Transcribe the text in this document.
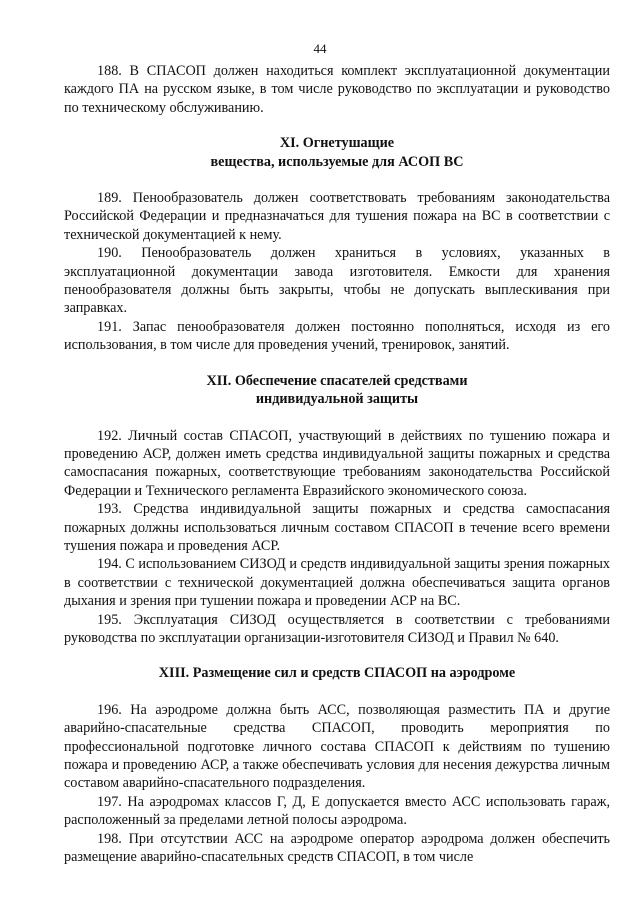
44

188. В СПАСОП должен находиться комплект эксплуатационной документации каждого ПА на русском языке, в том числе руководство по эксплуатации и руководство по техническому обслуживанию.

XI. Огнетушащие
вещества, используемые для АСОП ВС

189. Пенообразователь должен соответствовать требованиям законодательства Российской Федерации и предназначаться для тушения пожара на ВС в соответствии с технической документацией к нему.

190. Пенообразователь должен храниться в условиях, указанных в эксплуатационной документации завода изготовителя. Емкости для хранения пенообразователя должны быть закрыты, чтобы не допускать выплескивания при заправках.

191. Запас пенообразователя должен постоянно пополняться, исходя из его использования, в том числе для проведения учений, тренировок, занятий.

XII. Обеспечение спасателей средствами
индивидуальной защиты

192. Личный состав СПАСОП, участвующий в действиях по тушению пожара и проведению АСР, должен иметь средства индивидуальной защиты пожарных и средства самоспасания пожарных, соответствующие требованиям законодательства Российской Федерации и Технического регламента Евразийского экономического союза.

193. Средства индивидуальной защиты пожарных и средства самоспасания пожарных должны использоваться личным составом СПАСОП в течение всего времени тушения пожара и проведения АСР.

194. С использованием СИЗОД и средств индивидуальной защиты зрения пожарных в соответствии с технической документацией должна обеспечиваться защита органов дыхания и зрения при тушении пожара и проведении АСР на ВС.

195. Эксплуатация СИЗОД осуществляется в соответствии с требованиями руководства по эксплуатации организации-изготовителя СИЗОД и Правил № 640.

XIII. Размещение сил и средств СПАСОП на аэродроме

196. На аэродроме должна быть АСС, позволяющая разместить ПА и другие аварийно-спасательные средства СПАСОП, проводить мероприятия по профессиональной подготовке личного состава СПАСОП к действиям по тушению пожара и проведению АСР, а также обеспечивать условия для несения дежурства личным составом аварийно-спасательного подразделения.

197. На аэродромах классов Г, Д, Е допускается вместо АСС использовать гараж, расположенный за пределами летной полосы аэродрома.

198. При отсутствии АСС на аэродроме оператор аэродрома должен обеспечить размещение аварийно-спасательных средств СПАСОП, в том числе
